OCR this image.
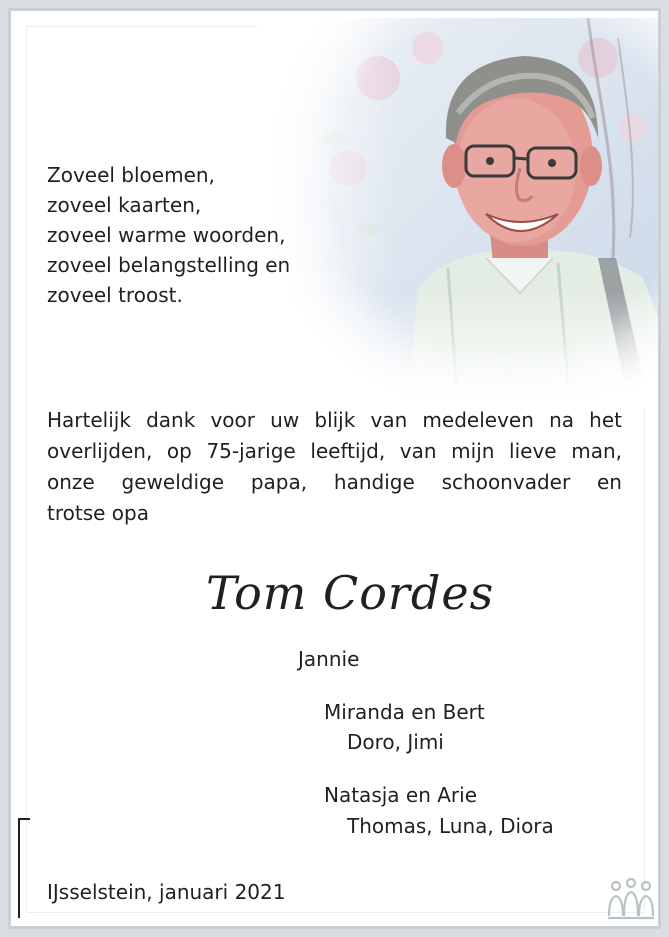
Zoveel bloemen,
zoveel kaarten,
zoveel warme woorden,
zoveel belangstelling en
zoveel troost.
Hartelijk dank voor uw blijk van medeleven na het
overlijden, op 75-jarige leeftijd, van mijn lieve man,
onze geweldige papa, handige schoonvader en
trotse opa
Tom Cordes
Jannie
Miranda en Bert
Doro, Jimi
Natasja en Arie
Thomas, Luna, Diora
IJsselstein, januari 2021
